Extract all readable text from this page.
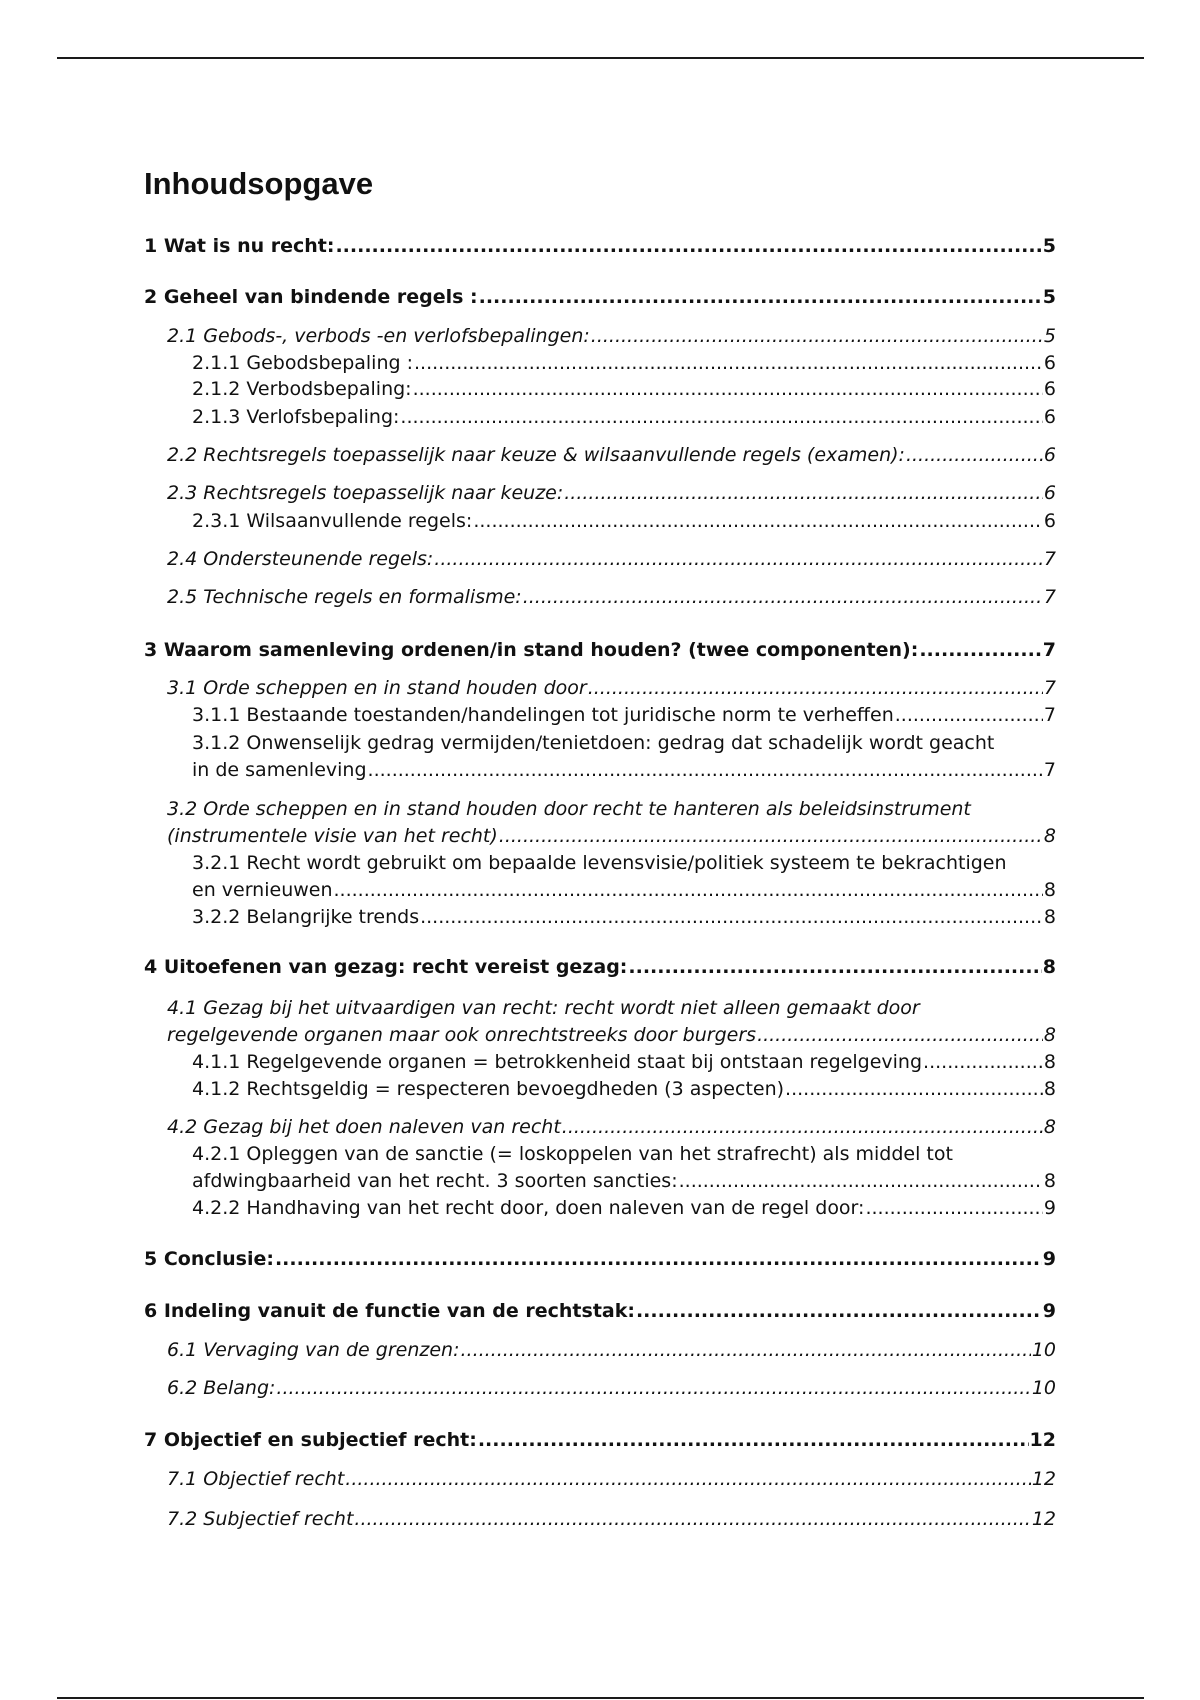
Inhoudsopgave
1 Wat is nu recht: .....	5
2 Geheel van bindende regels : .....	5
2.1 Gebods-, verbods -en verlofsbepalingen: .....	5
2.1.1 Gebodsbepaling : .....	6
2.1.2 Verbodsbepaling: .....	6
2.1.3 Verlofsbepaling: .....	6
2.2 Rechtsregels toepasselijk naar keuze & wilsaanvullende regels (examen): .....	6
2.3 Rechtsregels toepasselijk naar keuze: .....	6
2.3.1 Wilsaanvullende regels: .....	6
2.4 Ondersteunende regels: .....	7
2.5 Technische regels en formalisme: .....	7
3 Waarom samenleving ordenen/in stand houden? (twee componenten): .....	7
3.1 Orde scheppen en in stand houden door .....	7
3.1.1 Bestaande toestanden/handelingen tot juridische norm te verheffen .....	7
3.1.2 Onwenselijk gedrag vermijden/tenietdoen: gedrag dat schadelijk wordt geacht
in de samenleving .....	7
3.2 Orde scheppen en in stand houden door recht te hanteren als beleidsinstrument
(instrumentele visie van het recht) .....	8
3.2.1 Recht wordt gebruikt om bepaalde levensvisie/politiek systeem te bekrachtigen
en vernieuwen .....	8
3.2.2 Belangrijke trends .....	8
4 Uitoefenen van gezag: recht vereist gezag: .....	8
4.1 Gezag bij het uitvaardigen van recht: recht wordt niet alleen gemaakt door
regelgevende organen maar ook onrechtstreeks door burgers .....	8
4.1.1 Regelgevende organen = betrokkenheid staat bij ontstaan regelgeving .....	8
4.1.2 Rechtsgeldig = respecteren bevoegdheden (3 aspecten) .....	8
4.2 Gezag bij het doen naleven van recht .....	8
4.2.1 Opleggen van de sanctie (= loskoppelen van het strafrecht) als middel tot
afdwingbaarheid van het recht. 3 soorten sancties: .....	8
4.2.2 Handhaving van het recht door, doen naleven van de regel door: .....	9
5 Conclusie: .....	9
6 Indeling vanuit de functie van de rechtstak: .....	9
6.1 Vervaging van de grenzen: .....	10
6.2 Belang: .....	10
7 Objectief en subjectief recht: .....	12
7.1 Objectief recht .....	12
7.2 Subjectief recht .....	12
